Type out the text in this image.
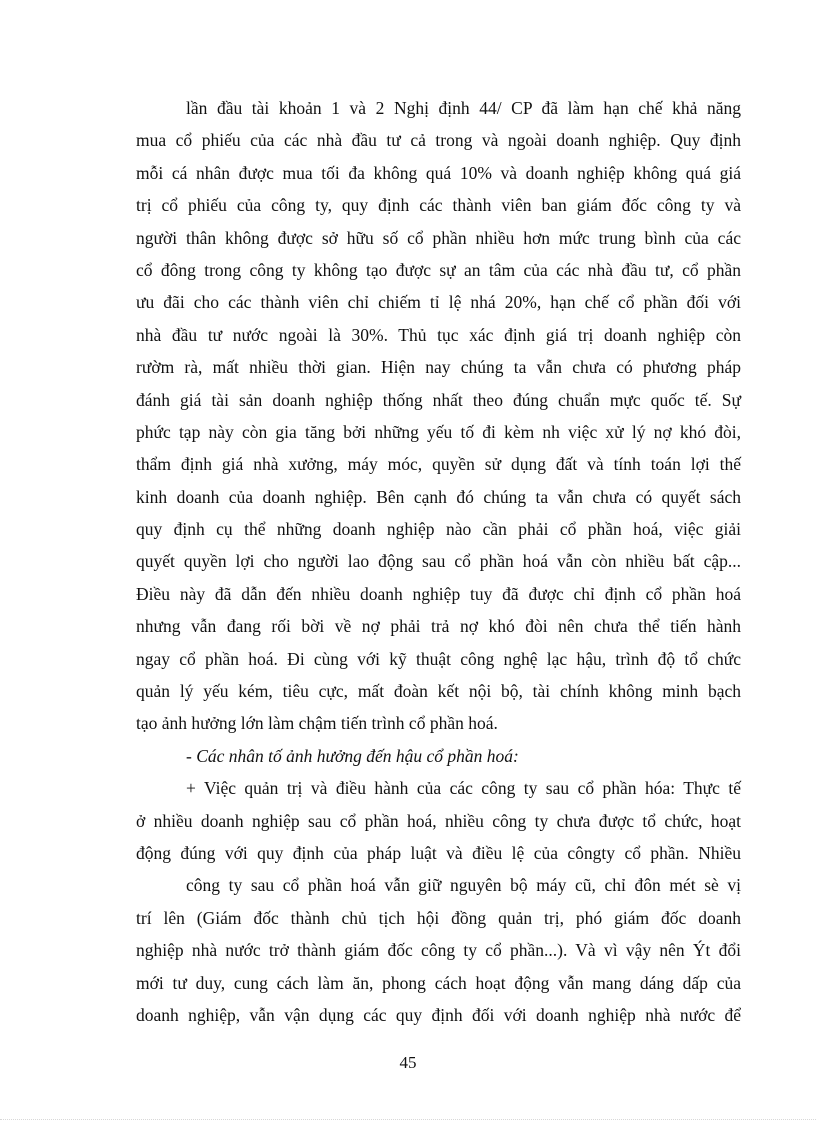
lần đầu tài khoản 1 và 2 Nghị định 44/ CP đã làm hạn chế khả năng
mua cổ phiếu của các nhà đầu tư cả trong và ngoài doanh nghiệp. Quy định
mỗi cá nhân được mua tối đa không quá 10% và doanh nghiệp không quá giá
trị cổ phiếu của công ty, quy định các thành viên ban giám đốc công ty và
người thân không được sở hữu số cổ phần nhiều hơn mức trung bình của các
cổ đông trong công ty không tạo được sự an tâm của các nhà đầu tư, cổ phần
ưu đãi cho các thành viên chỉ chiếm tỉ lệ nhá 20%, hạn chế cổ phần đối với
nhà đầu tư nước ngoài là 30%. Thủ tục xác định giá trị doanh nghiệp còn
rườm rà, mất nhiều thời gian. Hiện nay chúng ta vẫn chưa có phương pháp
đánh giá tài sản doanh nghiệp thống nhất theo đúng chuẩn mực quốc tế. Sự
phức tạp này còn gia tăng bởi những yếu tố đi kèm nh việc xử lý nợ khó đòi,
thẩm định giá nhà xưởng, máy móc, quyền sử dụng đất và tính toán lợi thế
kinh doanh của doanh nghiệp. Bên cạnh đó chúng ta vẫn chưa có quyết sách
quy định cụ thể những doanh nghiệp nào cần phải cổ phần hoá, việc giải
quyết quyền lợi cho người lao động sau cổ phần hoá vẫn còn nhiều bất cập...
Điều này đã dẫn đến nhiều doanh nghiệp tuy đã được chỉ định cổ phần hoá
nhưng vẫn đang rối bời về nợ phải trả nợ khó đòi nên chưa thể tiến hành
ngay cổ phần hoá. Đi cùng với kỹ thuật công nghệ lạc hậu, trình độ tổ chức
quản lý yếu kém, tiêu cực, mất đoàn kết nội bộ, tài chính không minh bạch
tạo ảnh hưởng lớn làm chậm tiến trình cổ phần hoá.
- Các nhân tố ảnh hưởng đến hậu cổ phần hoá:
+ Việc quản trị và điều hành của các công ty sau cổ phần hóa: Thực tế
ở nhiều doanh nghiệp sau cổ phần hoá, nhiều công ty chưa được tổ chức, hoạt
động đúng với quy định của pháp luật và điều lệ của côngty cổ phần. Nhiều
công ty sau cổ phần hoá vẫn giữ nguyên bộ máy cũ, chỉ đôn mét sè vị
trí lên (Giám đốc thành chủ tịch hội đồng quản trị, phó giám đốc doanh
nghiệp nhà nước trở thành giám đốc công ty cổ phần...). Và vì vậy nên Ýt đổi
mới tư duy, cung cách làm ăn, phong cách hoạt động vẫn mang dáng dấp của
doanh nghiệp, vẫn vận dụng các quy định đối với doanh nghiệp nhà nước để
45
